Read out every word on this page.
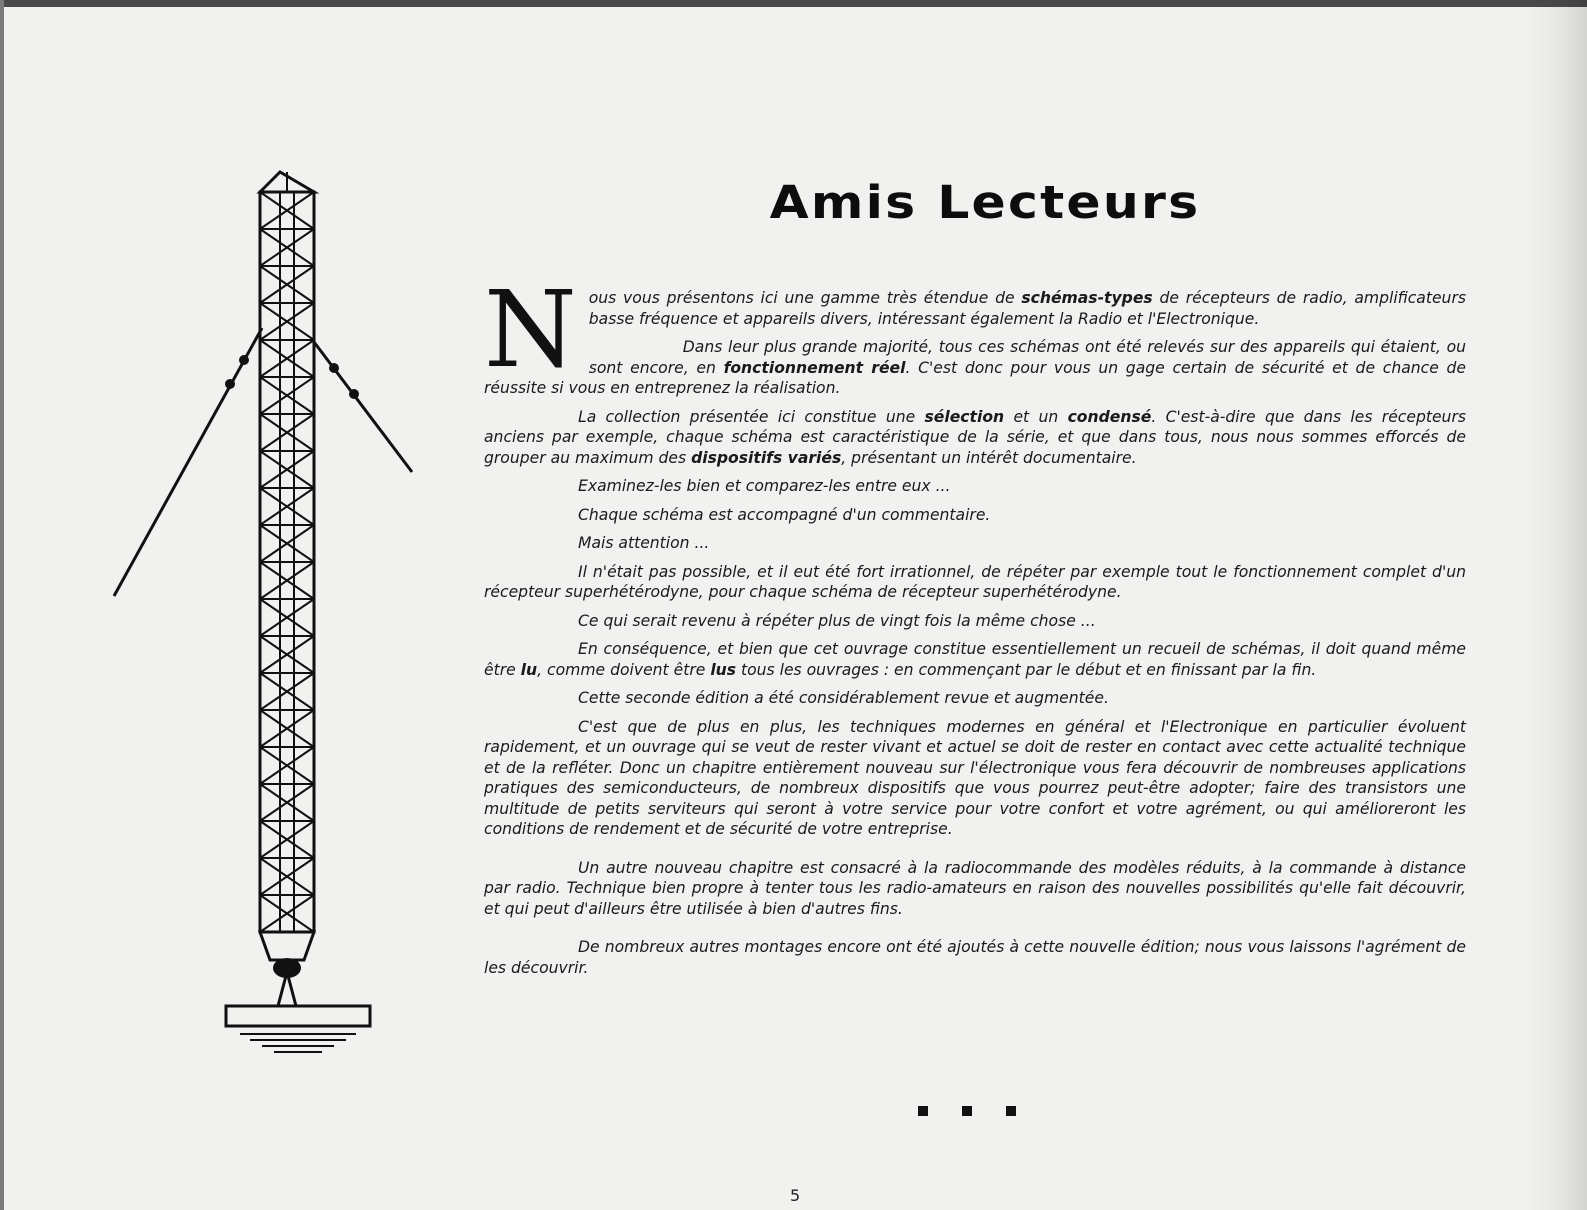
Amis Lecteurs

Nous vous présentons ici une gamme très étendue de schémas-types de récepteurs de radio, amplificateurs basse fréquence et appareils divers, intéressant également la Radio et l'Electronique.

Dans leur plus grande majorité, tous ces schémas ont été relevés sur des appareils qui étaient, ou sont encore, en fonctionnement réel. C'est donc pour vous un gage certain de sécurité et de chance de réussite si vous en entreprenez la réalisation.

La collection présentée ici constitue une sélection et un condensé. C'est-à-dire que dans les récepteurs anciens par exemple, chaque schéma est caractéristique de la série, et que dans tous, nous nous sommes efforcés de grouper au maximum des dispositifs variés, présentant un intérêt documentaire.

Examinez-les bien et comparez-les entre eux ...

Chaque schéma est accompagné d'un commentaire.

Mais attention ...

Il n'était pas possible, et il eut été fort irrationnel, de répéter par exemple tout le fonctionnement complet d'un récepteur superhétérodyne, pour chaque schéma de récepteur superhétérodyne.

Ce qui serait revenu à répéter plus de vingt fois la même chose ...

En conséquence, et bien que cet ouvrage constitue essentiellement un recueil de schémas, il doit quand même être lu, comme doivent être lus tous les ouvrages : en commençant par le début et en finissant par la fin.

Cette seconde édition a été considérablement revue et augmentée.

C'est que de plus en plus, les techniques modernes en général et l'Electronique en particulier évoluent rapidement, et un ouvrage qui se veut de rester vivant et actuel se doit de rester en contact avec cette actualité technique et de la refléter. Donc un chapitre entièrement nouveau sur l'électronique vous fera découvrir de nombreuses applications pratiques des semiconducteurs, de nombreux dispositifs que vous pourrez peut-être adopter; faire des transistors une multitude de petits serviteurs qui seront à votre service pour votre confort et votre agrément, ou qui amélioreront les conditions de rendement et de sécurité de votre entreprise.

Un autre nouveau chapitre est consacré à la radiocommande des modèles réduits, à la commande à distance par radio. Technique bien propre à tenter tous les radio-amateurs en raison des nouvelles possibilités qu'elle fait découvrir, et qui peut d'ailleurs être utilisée à bien d'autres fins.

De nombreux autres montages encore ont été ajoutés à cette nouvelle édition; nous vous laissons l'agrément de les découvrir.

5
